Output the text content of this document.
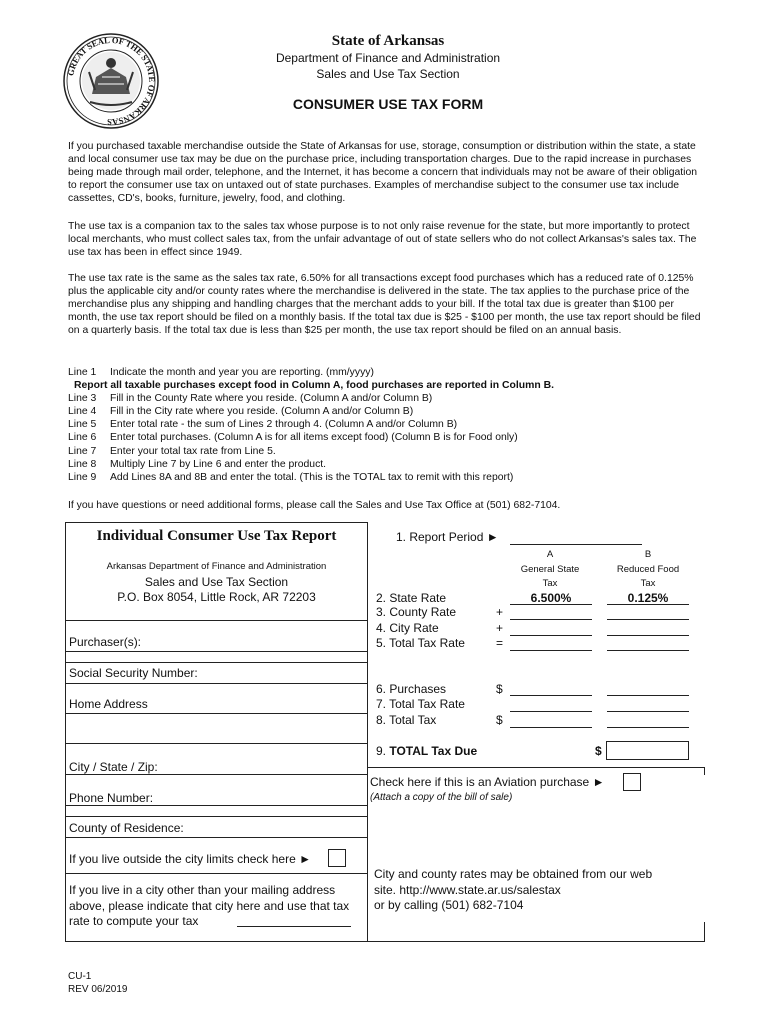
GREAT SEAL OF THE STATE OF ARKANSAS
State of Arkansas
Department of Finance and Administration
Sales and Use Tax Section
CONSUMER USE TAX FORM

If you purchased taxable merchandise outside the State of Arkansas for use, storage, consumption or distribution within the state, a state and local consumer use tax may be due on the purchase price, including transportation charges. Due to the rapid increase in purchases being made through mail order, telephone, and the Internet, it has become a concern that individuals may not be aware of their obligation to report the consumer use tax on untaxed out of state purchases. Examples of merchandise subject to the consumer use tax include cassettes, CD's, books, furniture, jewelry, food, and clothing.

The use tax is a companion tax to the sales tax whose purpose is to not only raise revenue for the state, but more importantly to protect local merchants, who must collect sales tax, from the unfair advantage of out of state sellers who do not collect Arkansas's sales tax. The use tax has been in effect since 1949.

The use tax rate is the same as the sales tax rate, 6.50% for all transactions except food purchases which has a reduced rate of 0.125% plus the applicable city and/or county rates where the merchandise is delivered in the state. The tax applies to the purchase price of the merchandise plus any shipping and handling charges that the merchant adds to your bill. If the total tax due is greater than $100 per month, the use tax report should be filed on a monthly basis. If the total tax due is $25 - $100 per month, the use tax report should be filed on a quarterly basis. If the total tax due is less than $25 per month, the use tax report should be filed on an annual basis.

Line 1 Indicate the month and year you are reporting. (mm/yyyy)
Report all taxable purchases except food in Column A, food purchases are reported in Column B.
Line 3 Fill in the County Rate where you reside. (Column A and/or Column B)
Line 4 Fill in the City rate where you reside. (Column A and/or Column B)
Line 5 Enter total rate - the sum of Lines 2 through 4. (Column A and/or Column B)
Line 6 Enter total purchases. (Column A is for all items except food) (Column B is for Food only)
Line 7 Enter your total tax rate from Line 5.
Line 8 Multiply Line 7 by Line 6 and enter the product.
Line 9 Add Lines 8A and 8B and enter the total. (This is the TOTAL tax to remit with this report)
If you have questions or need additional forms, please call the Sales and Use Tax Office at (501) 682-7104.
Individual Consumer Use Tax Report
Arkansas Department of Finance and Administration
Sales and Use Tax Section
P.O. Box 8054, Little Rock, AR 72203
Purchaser(s):
Social Security Number:
Home Address
City / State / Zip:
Phone Number:
County of Residence:
If you live outside the city limits check here ►
If you live in a city other than your mailing address above, please indicate that city here and use that tax rate to compute your tax
1. Report Period ►
A
General State
Tax
B
Reduced Food
Tax
2. State Rate	6.500%	0.125%
3. County Rate	+
4. City Rate	+
5. Total Tax Rate	=
6. Purchases	$
7. Total Tax Rate
8. Total Tax	$
9. TOTAL Tax Due	$
Check here if this is an Aviation purchase ►
(Attach a copy of the bill of sale)
City and county rates may be obtained from our web
site. http://www.state.ar.us/salestax
or by calling (501) 682-7104
CU-1
REV 06/2019
